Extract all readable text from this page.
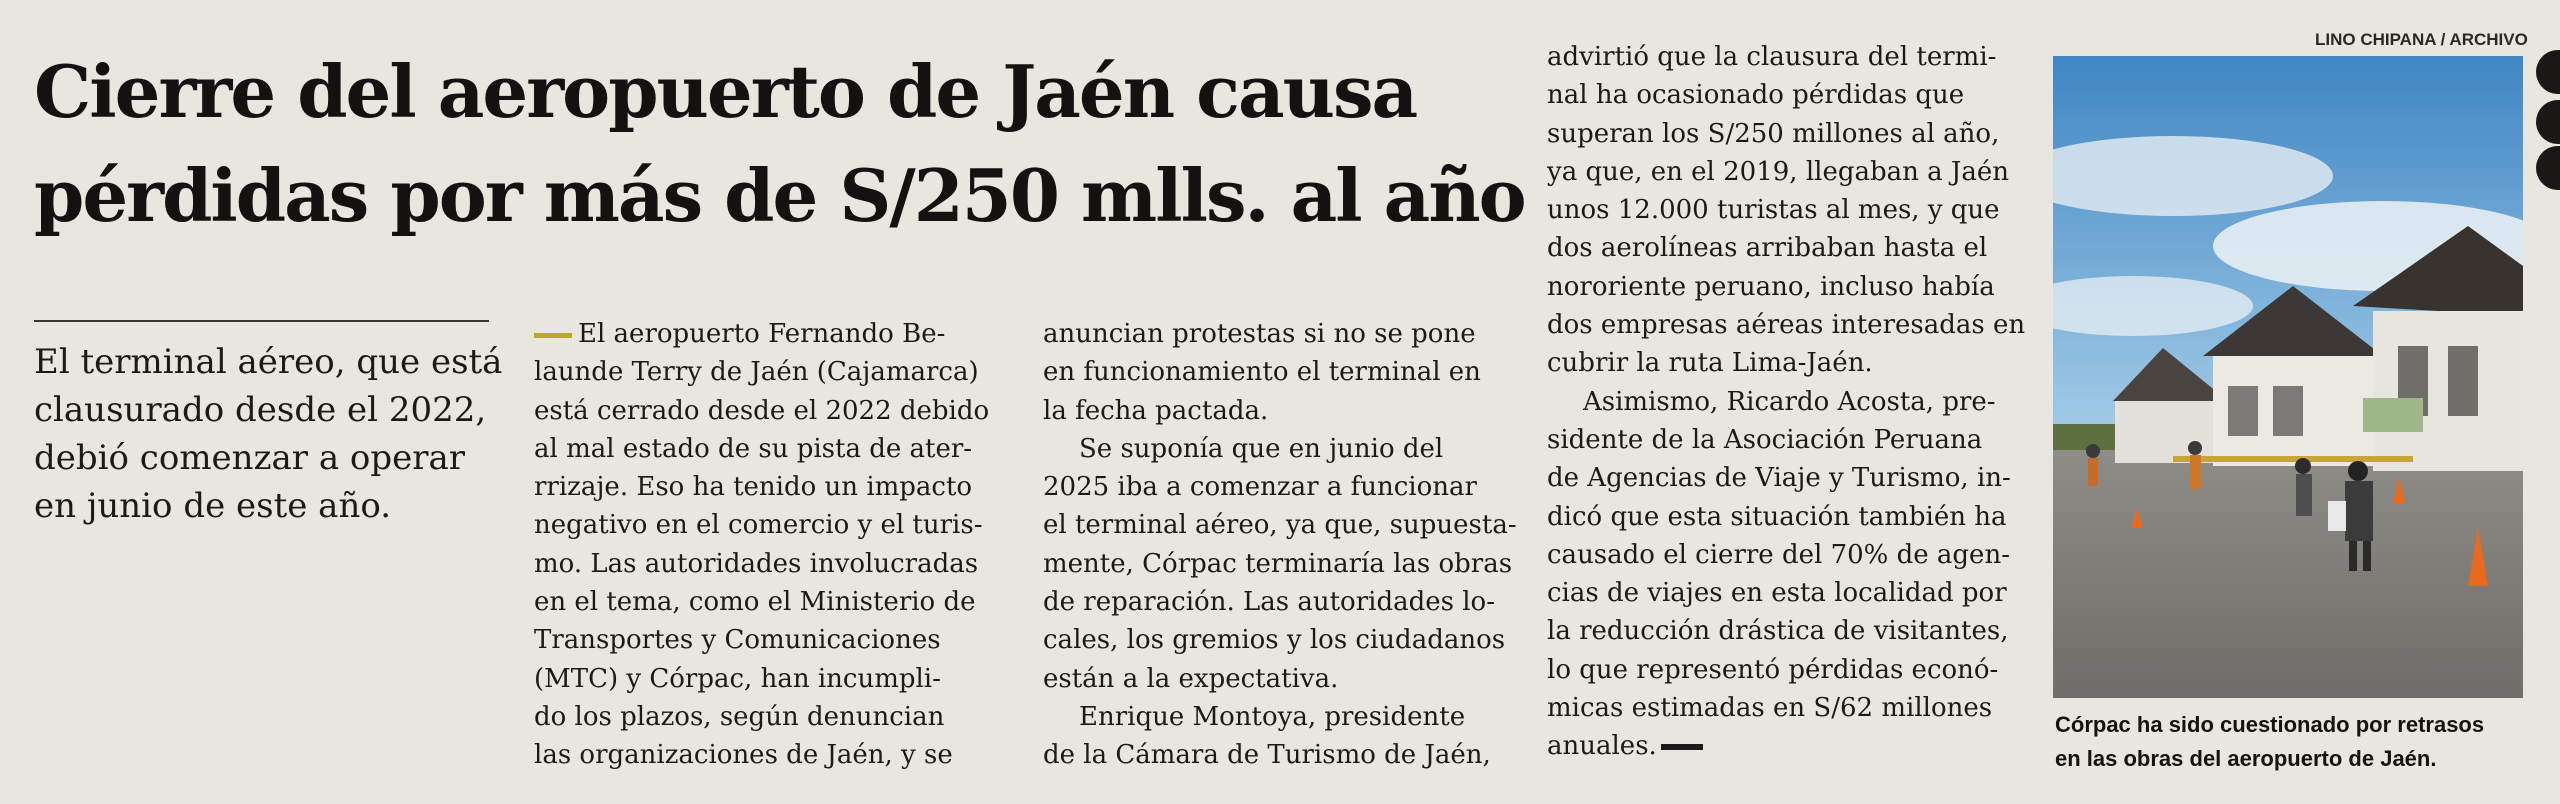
Cierre del aeropuerto de Jaén causa
pérdidas por más de S/250 mlls. al año
El terminal aéreo, que está
clausurado desde el 2022,
debió comenzar a operar
en junio de este año.
El aeropuerto Fernando Be-
launde Terry de Jaén (Cajamarca)
está cerrado desde el 2022 debido
al mal estado de su pista de ater-
rrizaje. Eso ha tenido un impacto
negativo en el comercio y el turis-
mo. Las autoridades involucradas
en el tema, como el Ministerio de
Transportes y Comunicaciones
(MTC) y Córpac, han incumpli-
do los plazos, según denuncian
las organizaciones de Jaén, y se
anuncian protestas si no se pone
en funcionamiento el terminal en
la fecha pactada.
Se suponía que en junio del
2025 iba a comenzar a funcionar
el terminal aéreo, ya que, supuesta-
mente, Córpac terminaría las obras
de reparación. Las autoridades lo-
cales, los gremios y los ciudadanos
están a la expectativa.
Enrique Montoya, presidente
de la Cámara de Turismo de Jaén,
advirtió que la clausura del termi-
nal ha ocasionado pérdidas que
superan los S/250 millones al año,
ya que, en el 2019, llegaban a Jaén
unos 12.000 turistas al mes, y que
dos aerolíneas arribaban hasta el
nororiente peruano, incluso había
dos empresas aéreas interesadas en
cubrir la ruta Lima-Jaén.
Asimismo, Ricardo Acosta, pre-
sidente de la Asociación Peruana
de Agencias de Viaje y Turismo, in-
dicó que esta situación también ha
causado el cierre del 70% de agen-
cias de viajes en esta localidad por
la reducción drástica de visitantes,
lo que representó pérdidas econó-
micas estimadas en S/62 millones
anuales.
LINO CHIPANA / ARCHIVO
Córpac ha sido cuestionado por retrasos
en las obras del aeropuerto de Jaén.
